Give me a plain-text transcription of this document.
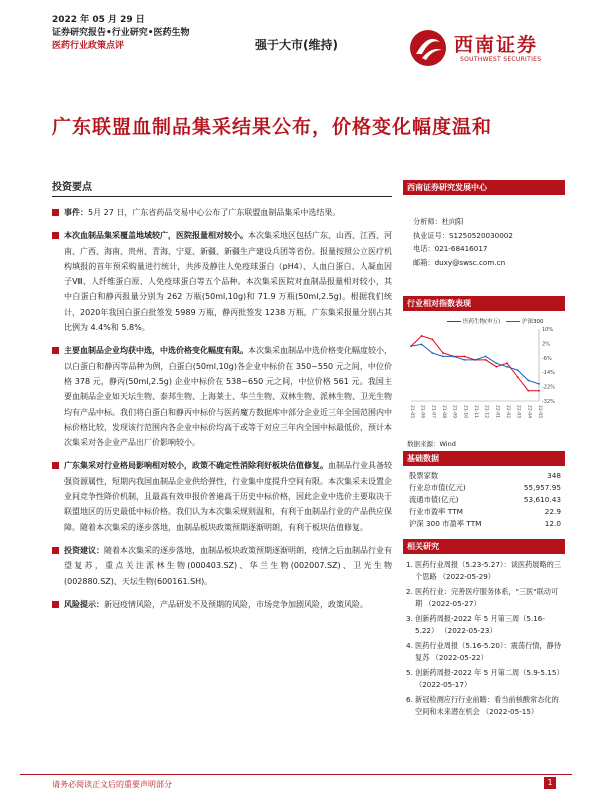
2022 年 05 月 29 日
证券研究报告•行业研究•医药生物
医药行业政策点评	强于大市(维持)	西南证券
SOUTHWEST SECURITIES
广东联盟血制品集采结果公布，价格变化幅度温和
投资要点
事件：5月 27 日，广东省药品交易中心公布了广东联盟血制品集采中选结果。
本次血制品集采覆盖地域较广，医院报量相对较小。本次集采地区包括广东、山西、江西、河南、广西、海南、贵州、青海、宁夏、新疆、新疆生产建设兵团等省份。报量按照公立医疗机构填报的首年预采购量进行统计，共涉及静注人免疫球蛋白（pH4）、人血白蛋白、人凝血因子Ⅷ、人纤维蛋白原、人免疫球蛋白等五个品种。本次集采医院对血制品报量相对较小，其中白蛋白和静丙报量分别为 262 万瓶(50ml,10g)和 71.9 万瓶(50ml,2.5g)。根据我们统计，2020年我国白蛋白批签发 5989 万瓶，静丙批签发 1238 万瓶，广东集采报量分别占其比例为 4.4%和 5.8%。
主要血制品企业均获中选，中选价格变化幅度有限。本次集采血制品中选价格变化幅度较小，以白蛋白和静丙等品种为例，白蛋白(50ml,10g)各企业中标价在 350~550 元之间，中位价格 378 元，静丙(50ml,2.5g) 企业中标价在 538~650 元之间，中位价格 561 元。我国主要血制品企业如天坛生物、泰邦生物、上海莱士、华兰生物、双林生物、派林生物、卫光生物均有产品中标。我们将白蛋白和静丙中标价与医药魔方数据库中部分企业近三年全国范围内中标价格比较，发现该行范围内各企业中标价均高于或等于对应三年内全国中标最低价，预计本次集采对各企业产品出厂价影响较小。
广东集采对行业格局影响相对较小，政策不确定性消除利好板块估值修复。血制品行业具备较强资源属性，短期内我国血制品企业供给弹性，行业集中度提升空间有限。本次集采未设置企业间竞争性降价机制，且最高有效申报价普遍高于历史中标价格，因此企业中选价主要取决于联盟地区的历史最低中标价格。我们认为本次集采规则温和，有利于血制品行业的产品供应保障。随着本次集采的逐步落地，血制品板块政策预期逐渐明朗，有利于板块估值修复。
投资建议：随着本次集采的逐步落地，血制品板块政策预期逐渐明朗，疫情之后血制品行业有望复苏，重点关注派林生物(000403.SZ)、华兰生物(002007.SZ)、卫光生物(002880.SZ)、天坛生物(600161.SH)。
风险提示：新冠疫情风险，产品研发不及预期的风险，市场竞争加剧风险，政策风险。
西南证券研究发展中心
分析师：杜向阳
执业证号：S1250520030002
电话：021-68416017
邮箱：duxy@swsc.com.cn
行业相对指数表现
医药生物(申万)	沪深300
10%
2%
-6%
-14%
-22%
-32%
21-05 21-06 21-07 21-08 21-09 21-10 21-11 21-12 22-01 22-02 22-03 22-04 22-05
数据来源：Wind
基础数据
股票家数	348
行业总市值(亿元)	55,957.95
流通市值(亿元)	53,610.43
行业市盈率 TTM	22.9
沪深 300 市盈率 TTM	12.0
相关研究
1. 医药行业周报（5.23-5.27）：谈医药展略的三个思路 （2022-05-29）
2. 医药行业：完善医疗服务体系，"三医"联动可期 （2022-05-27）
3. 创新药周报-2022 年 5 月第三周（5.16-5.22） （2022-05-23）
4. 医药行业周报（5.16-5.20）：震荡行情，静待复苏 （2022-05-22）
5. 创新药周报-2022 年 5 月第二周（5.9-5.15） （2022-05-17）
6. 新冠检测应行行业前瞻：看当前核酸常态化的空间和未来潜在机会 （2022-05-15）
请务必阅读正文后的重要声明部分	1
